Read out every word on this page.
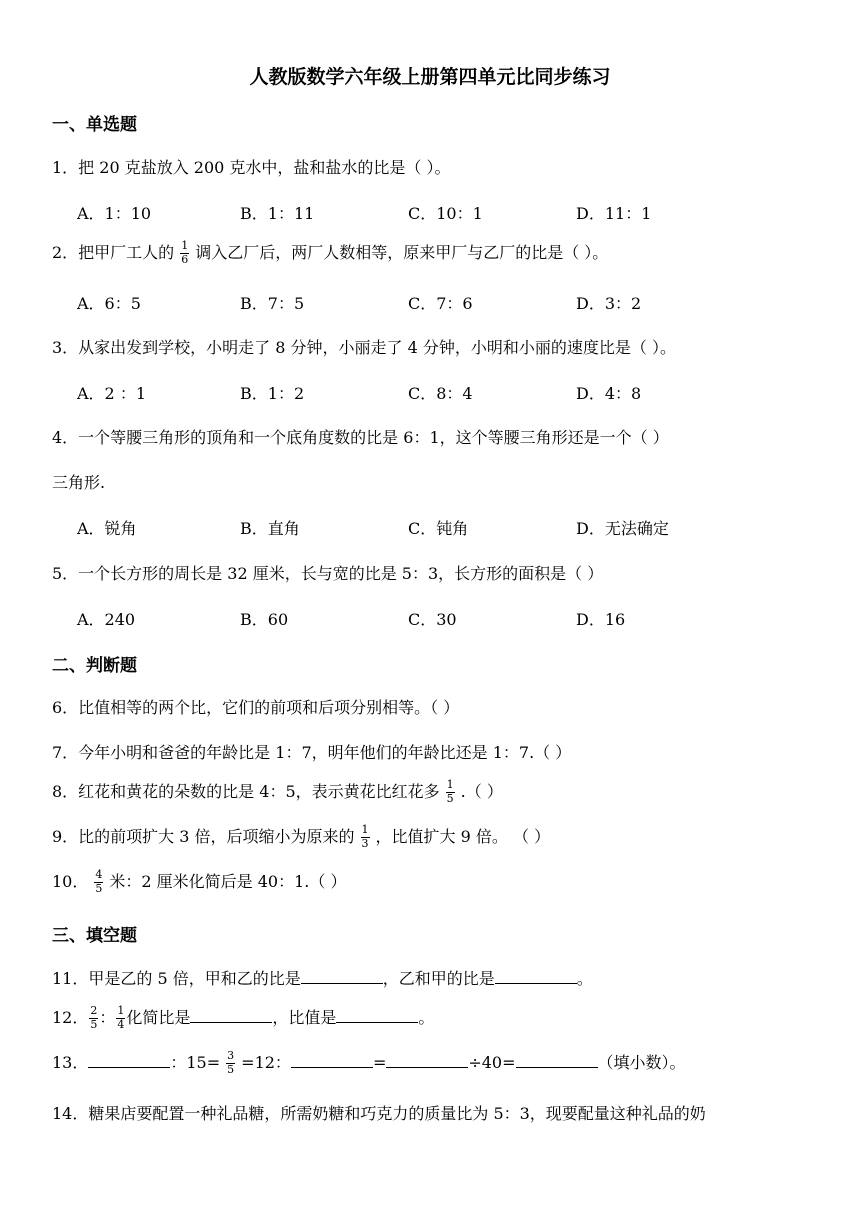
人教版数学六年级上册第四单元比同步练习
一、单选题
1．把 20 克盐放入 200 克水中，盐和盐水的比是（ ）。
A．1：10	B．1：11	C．10：1	D．11：1
2．把甲厂工人的 $\frac{1}{6}$ 调入乙厂后，两厂人数相等，原来甲厂与乙厂的比是（ ）。
A．6：5	B．7：5	C．7：6	D．3：2
3．从家出发到学校，小明走了 8 分钟，小丽走了 4 分钟，小明和小丽的速度比是（ ）。
A．2 ：1	B．1：2	C．8：4	D．4：8
4．一个等腰三角形的顶角和一个底角度数的比是 6：1，这个等腰三角形还是一个（ ）
三角形.
A．锐角	B．直角	C．钝角	D．无法确定
5．一个长方形的周长是 32 厘米，长与宽的比是 5：3，长方形的面积是（ ）
A．240	B．60	C．30	D．16
二、判断题
6．比值相等的两个比，它们的前项和后项分别相等。（ ）
7．今年小明和爸爸的年龄比是 1：7，明年他们的年龄比还是 1：7.（ ）
8．红花和黄花的朵数的比是 4：5，表示黄花比红花多 $\frac{1}{5}$ .（ ）
9．比的前项扩大 3 倍，后项缩小为原来的 $\frac{1}{3}$ ，比值扩大 9 倍。 （ ）
10． $\frac{4}{5}$ 米：2 厘米化简后是 40：1.（ ）
三、填空题
11．甲是乙的 5 倍，甲和乙的比是	，乙和甲的比是	。
12． $\frac{2}{5}$ ： $\frac{1}{4}$ 化简比是	，比值是	。
13．	：$15= \frac{3}{5} =12$：	=	÷40=	（填小数）。
14．糖果店要配置一种礼品糖，所需奶糖和巧克力的质量比为 5：3，现要配量这种礼品的奶
